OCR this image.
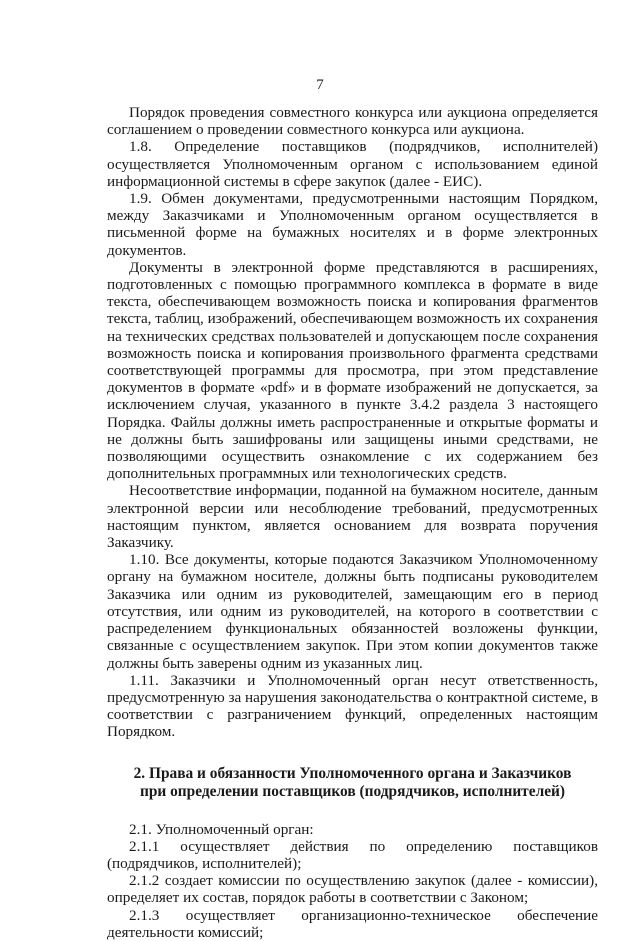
7

Порядок проведения совместного конкурса или аукциона определяется соглашением о проведении совместного конкурса или аукциона.

1.8. Определение поставщиков (подрядчиков, исполнителей) осуществляется Уполномоченным органом с использованием единой информационной системы в сфере закупок (далее - ЕИС).

1.9. Обмен документами, предусмотренными настоящим Порядком, между Заказчиками и Уполномоченным органом осуществляется в письменной форме на бумажных носителях и в форме электронных документов.

Документы в электронной форме представляются в расширениях, подготовленных с помощью программного комплекса в формате в виде текста, обеспечивающем возможность поиска и копирования фрагментов текста, таблиц, изображений, обеспечивающем возможность их сохранения на технических средствах пользователей и допускающем после сохранения возможность поиска и копирования произвольного фрагмента средствами соответствующей программы для просмотра, при этом представление документов в формате «pdf» и в формате изображений не допускается, за исключением случая, указанного в пункте 3.4.2 раздела 3 настоящего Порядка. Файлы должны иметь распространенные и открытые форматы и не должны быть зашифрованы или защищены иными средствами, не позволяющими осуществить ознакомление с их содержанием без дополнительных программных или технологических средств.

Несоответствие информации, поданной на бумажном носителе, данным электронной версии или несоблюдение требований, предусмотренных настоящим пунктом, является основанием для возврата поручения Заказчику.

1.10. Все документы, которые подаются Заказчиком Уполномоченному органу на бумажном носителе, должны быть подписаны руководителем Заказчика или одним из руководителей, замещающим его в период отсутствия, или одним из руководителей, на которого в соответствии с распределением функциональных обязанностей возложены функции, связанные с осуществлением закупок. При этом копии документов также должны быть заверены одним из указанных лиц.

1.11. Заказчики и Уполномоченный орган несут ответственность, предусмотренную за нарушения законодательства о контрактной системе, в соответствии с разграничением функций, определенных настоящим Порядком.

2. Права и обязанности Уполномоченного органа и Заказчиков
при определении поставщиков (подрядчиков, исполнителей)

2.1. Уполномоченный орган:

2.1.1 осуществляет действия по определению поставщиков (подрядчиков, исполнителей);

2.1.2 создает комиссии по осуществлению закупок (далее - комиссии), определяет их состав, порядок работы в соответствии с Законом;

2.1.3 осуществляет организационно-техническое обеспечение деятельности комиссий;
